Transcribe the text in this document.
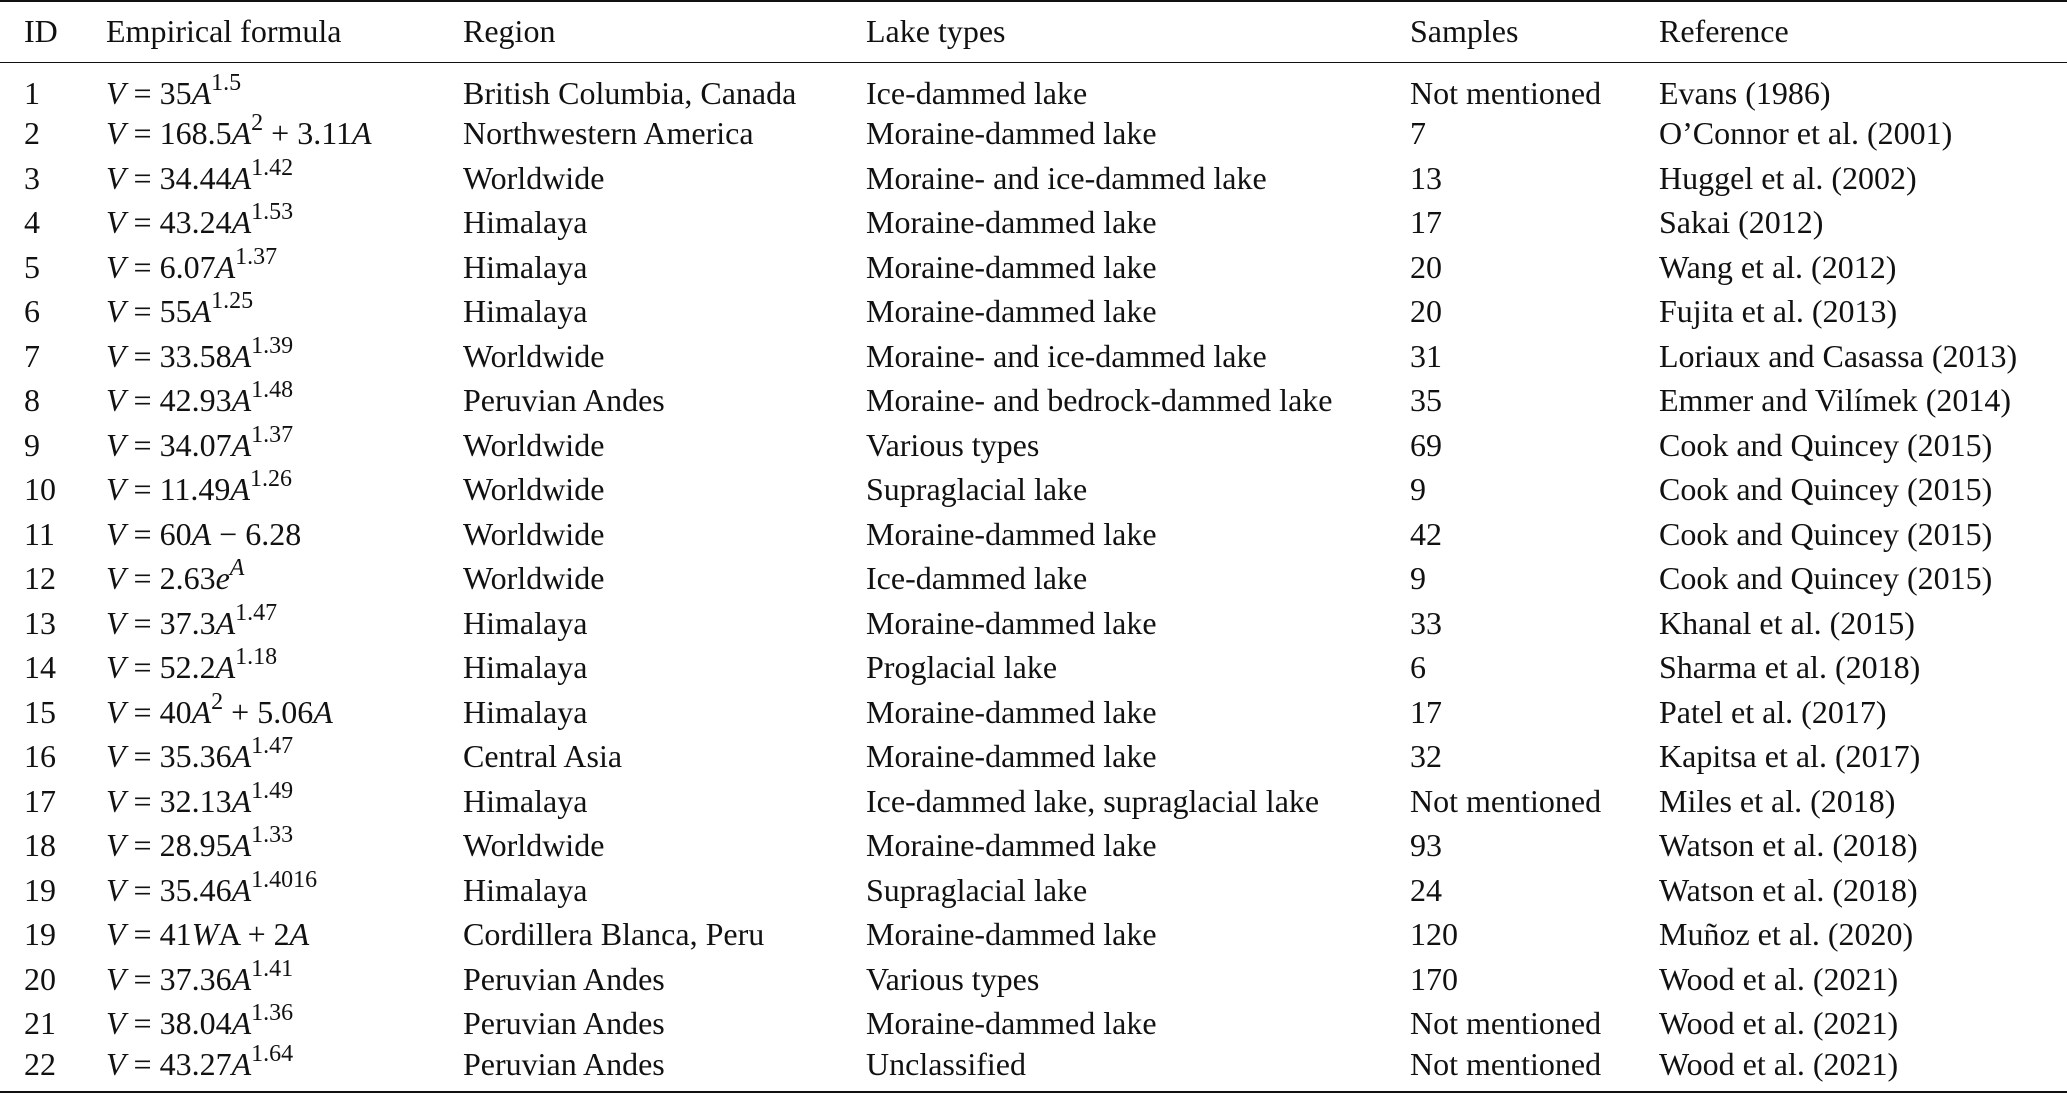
ID	Empirical formula	Region	Lake types	Samples	Reference
1	$V = 35A^{1.5}$	British Columbia, Canada	Ice-dammed lake	Not mentioned	Evans (1986)
2	$V = 168.5A^2 + 3.11A$	Northwestern America	Moraine-dammed lake	7	O’Connor et al. (2001)
3	$V = 34.44A^{1.42}$	Worldwide	Moraine- and ice-dammed lake	13	Huggel et al. (2002)
4	$V = 43.24A^{1.53}$	Himalaya	Moraine-dammed lake	17	Sakai (2012)
5	$V = 6.07A^{1.37}$	Himalaya	Moraine-dammed lake	20	Wang et al. (2012)
6	$V = 55A^{1.25}$	Himalaya	Moraine-dammed lake	20	Fujita et al. (2013)
7	$V = 33.58A^{1.39}$	Worldwide	Moraine- and ice-dammed lake	31	Loriaux and Casassa (2013)
8	$V = 42.93A^{1.48}$	Peruvian Andes	Moraine- and bedrock-dammed lake	35	Emmer and Vilímek (2014)
9	$V = 34.07A^{1.37}$	Worldwide	Various types	69	Cook and Quincey (2015)
10	$V = 11.49A^{1.26}$	Worldwide	Supraglacial lake	9	Cook and Quincey (2015)
11	V = 60A − 6.28	Worldwide	Moraine-dammed lake	42	Cook and Quincey (2015)
12	$V = 2.63e^A$	Worldwide	Ice-dammed lake	9	Cook and Quincey (2015)
13	$V = 37.3A^{1.47}$	Himalaya	Moraine-dammed lake	33	Khanal et al. (2015)
14	$V = 52.2A^{1.18}$	Himalaya	Proglacial lake	6	Sharma et al. (2018)
15	$V = 40A^2 + 5.06A$	Himalaya	Moraine-dammed lake	17	Patel et al. (2017)
16	$V = 35.36A^{1.47}$	Central Asia	Moraine-dammed lake	32	Kapitsa et al. (2017)
17	$V = 32.13A^{1.49}$	Himalaya	Ice-dammed lake, supraglacial lake	Not mentioned	Miles et al. (2018)
18	$V = 28.95A^{1.33}$	Worldwide	Moraine-dammed lake	93	Watson et al. (2018)
19	$V = 35.46A^{1.4016}$	Himalaya	Supraglacial lake	24	Watson et al. (2018)
19	V = 41WA + 2A	Cordillera Blanca, Peru	Moraine-dammed lake	120	Muñoz et al. (2020)
20	$V = 37.36A^{1.41}$	Peruvian Andes	Various types	170	Wood et al. (2021)
21	$V = 38.04A^{1.36}$	Peruvian Andes	Moraine-dammed lake	Not mentioned	Wood et al. (2021)
22	$V = 43.27A^{1.64}$	Peruvian Andes	Unclassified	Not mentioned	Wood et al. (2021)
